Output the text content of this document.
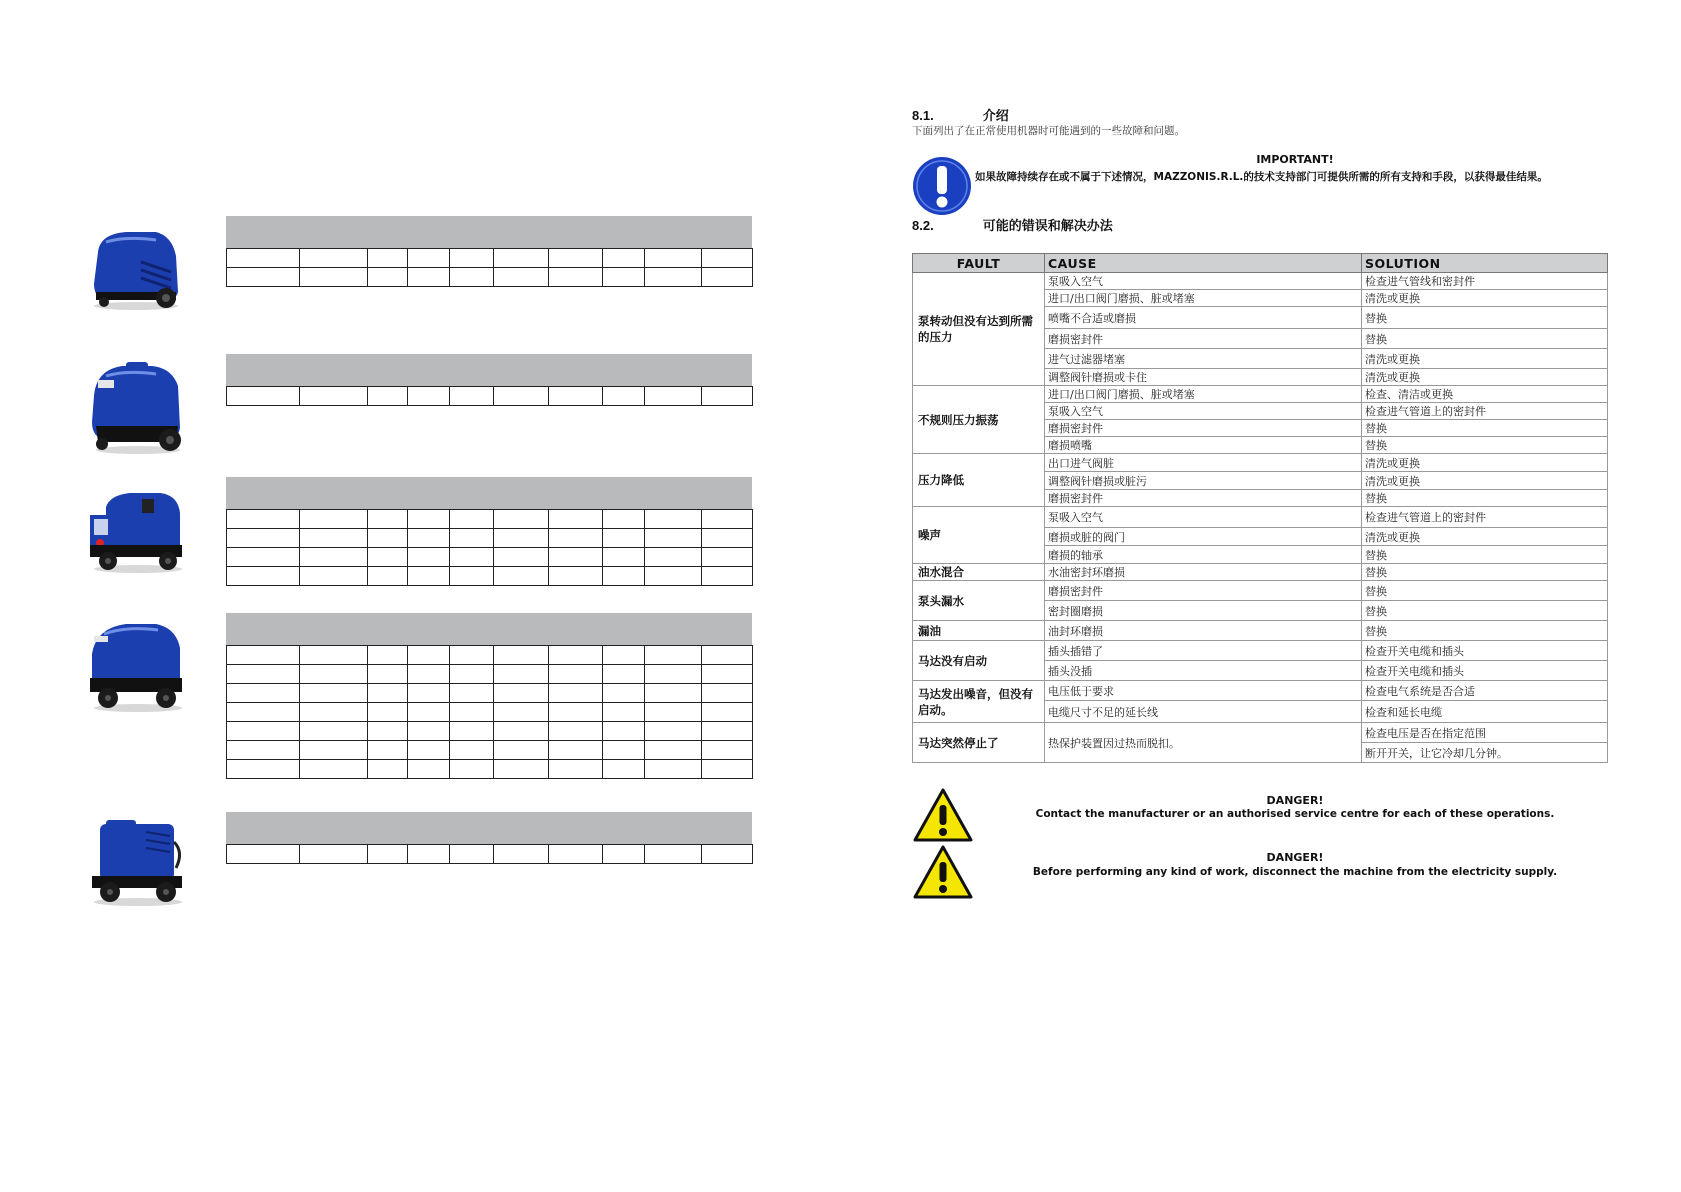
8.1.	介绍
下面列出了在正常使用机器时可能遇到的一些故障和问题。
IMPORTANT!
如果故障持续存在或不属于下述情况，MAZZONIS.R.L.的技术支持部门可提供所需的所有支持和手段，以获得最佳结果。
8.2.	可能的错误和解决办法
FAULT	CAUSE	SOLUTION
泵转动但没有达到所需的压力	泵吸入空气	检查进气管线和密封件
	进口/出口阀门磨损、脏或堵塞	清洗或更换
	喷嘴不合适或磨损	替换
	磨损密封件	替换
	进气过滤器堵塞	清洗或更换
	调整阀针磨损或卡住	清洗或更换
不规则压力振荡	进口/出口阀门磨损、脏或堵塞	检查、清洁或更换
	泵吸入空气	检查进气管道上的密封件
	磨损密封件	替换
	磨损喷嘴	替换
压力降低	出口进气阀脏	清洗或更换
	调整阀针磨损或脏污	清洗或更换
	磨损密封件	替换
噪声	泵吸入空气	检查进气管道上的密封件
	磨损或脏的阀门	清洗或更换
	磨损的轴承	替换
油水混合	水油密封环磨损	替换
泵头漏水	磨损密封件	替换
	密封圈磨损	替换
漏油	油封环磨损	替换
马达没有启动	插头插错了	检查开关电缆和插头
	插头没插	检查开关电缆和插头
马达发出噪音，但没有启动。	电压低于要求	检查电气系统是否合适
	电缆尺寸不足的延长线	检查和延长电缆
马达突然停止了	热保护装置因过热而脱扣。	检查电压是否在指定范围
		断开开关，让它冷却几分钟。
DANGER!
Contact the manufacturer or an authorised service centre for each of these operations.
DANGER!
Before performing any kind of work, disconnect the machine from the electricity supply.
